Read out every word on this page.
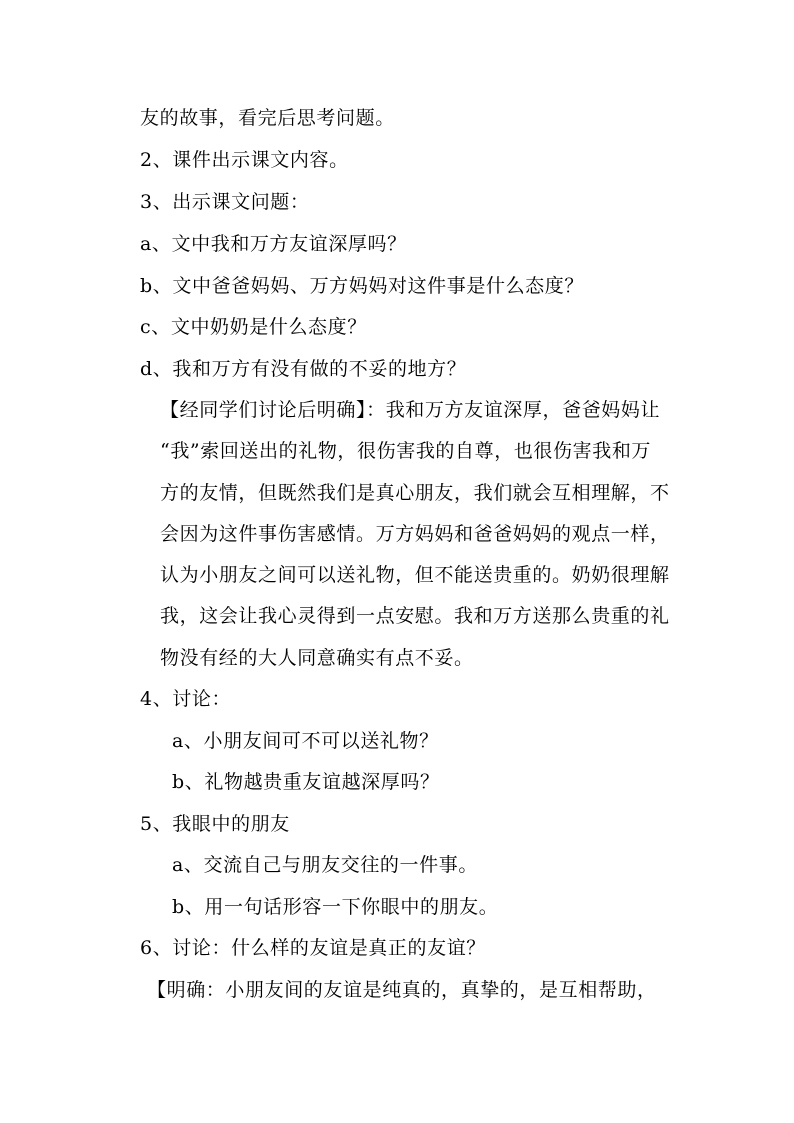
友的故事，看完后思考问题。
2、课件出示课文内容。
3、出示课文问题：
a、文中我和万方友谊深厚吗？
b、文中爸爸妈妈、万方妈妈对这件事是什么态度？
c、文中奶奶是什么态度？
d、我和万方有没有做的不妥的地方？
【经同学们讨论后明确】：我和万方友谊深厚，爸爸妈妈让
“我”索回送出的礼物，很伤害我的自尊，也很伤害我和万
方的友情，但既然我们是真心朋友，我们就会互相理解，不
会因为这件事伤害感情。万方妈妈和爸爸妈妈的观点一样，
认为小朋友之间可以送礼物，但不能送贵重的。奶奶很理解
我，这会让我心灵得到一点安慰。我和万方送那么贵重的礼
物没有经的大人同意确实有点不妥。
4、讨论：
a、小朋友间可不可以送礼物？
b、礼物越贵重友谊越深厚吗？
5、我眼中的朋友
a、交流自己与朋友交往的一件事。
b、用一句话形容一下你眼中的朋友。
6、讨论：什么样的友谊是真正的友谊？
【明确：小朋友间的友谊是纯真的，真挚的，是互相帮助，
